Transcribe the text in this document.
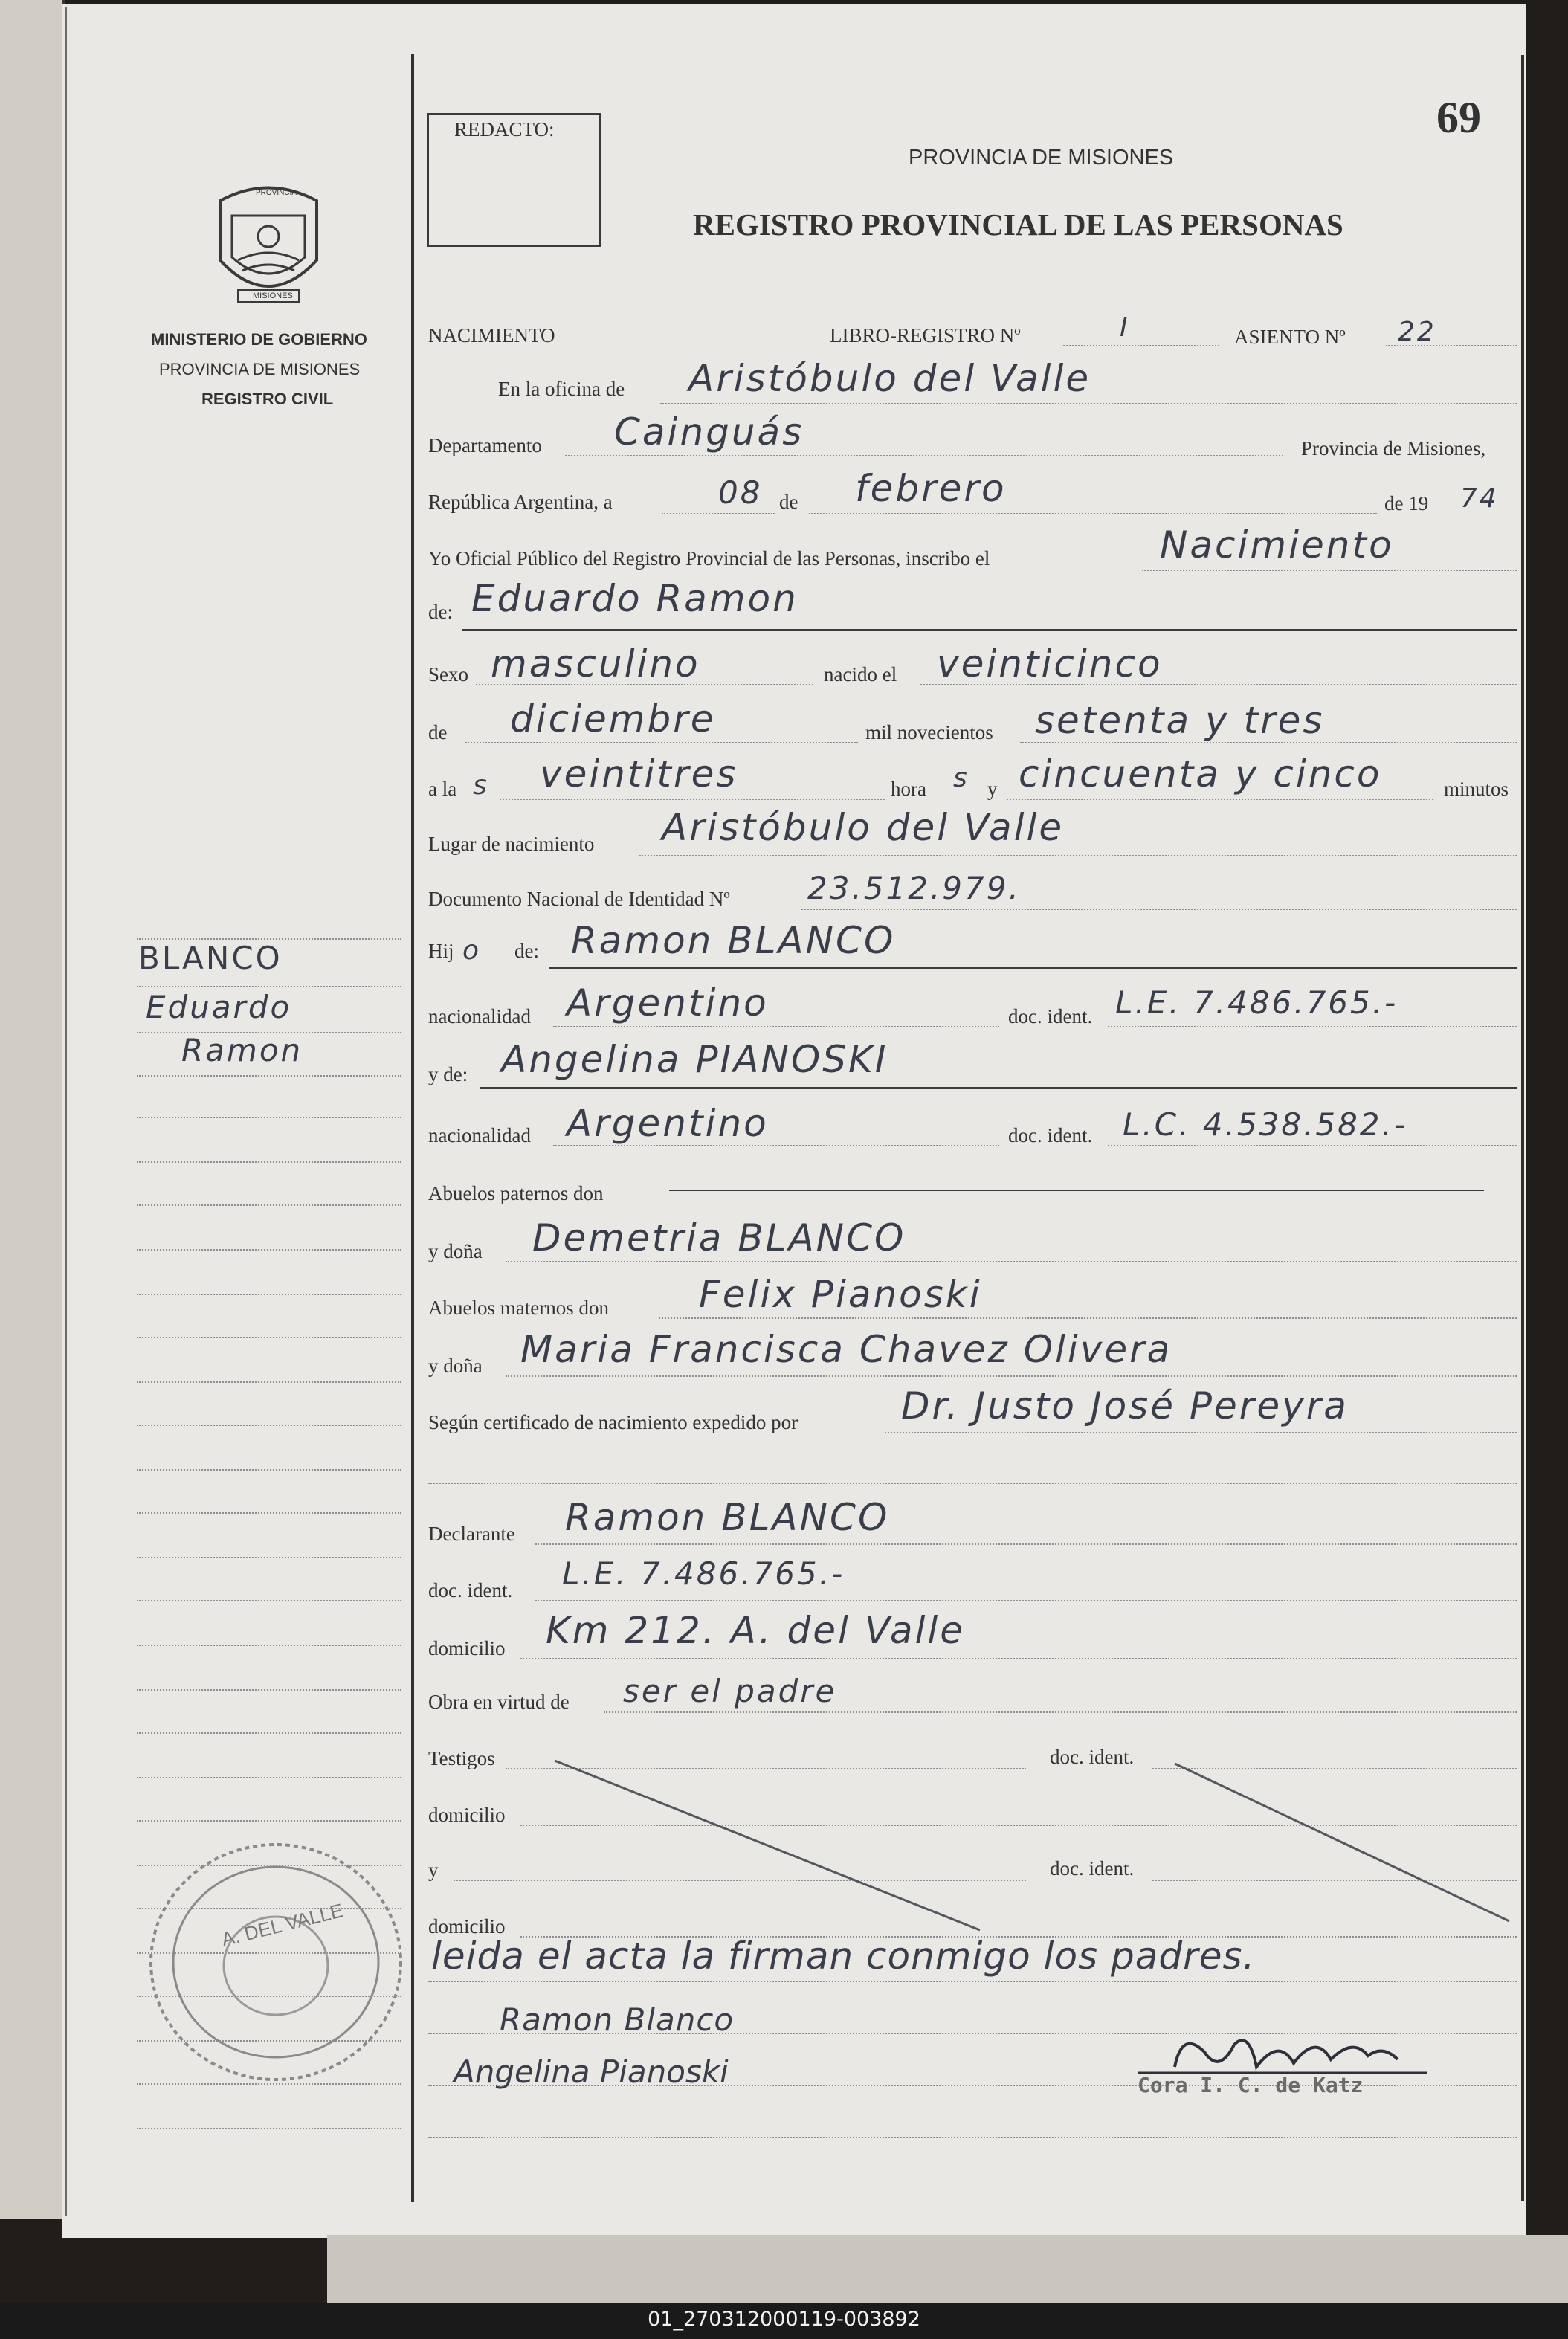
REDACTO:	69
PROVINCIA DE MISIONES
REGISTRO PROVINCIAL DE LAS PERSONAS
PROVINCIA
MISIONES
MINISTERIO DE GOBIERNO
PROVINCIA DE MISIONES
REGISTRO CIVIL
BLANCO
Eduardo
Ramon
A. DEL VALLE
NACIMIENTO	LIBRO-REGISTRO Nº	I	ASIENTO Nº 22
En la oficina de Aristóbulo del Valle
Departamento Cainguás	Provincia de Misiones,
República Argentina, a	08 de febrero	de 19 74
Yo Oficial Público del Registro Provincial de las Personas, inscribo el	Nacimiento
de: Eduardo Ramon
Sexo masculino	nacido el veinticinco
de diciembre	mil novecientos setenta y tres
a la s veintitres	hora s y cincuenta y cinco	minutos
Lugar de nacimiento Aristóbulo del Valle
Documento Nacional de Identidad Nº 23.512.979.
Hij o de: Ramon BLANCO
nacionalidad Argentino	doc. ident. L.E. 7.486.765.-
y de: Angelina PIANOSKI
nacionalidad Argentino	doc. ident. L.C. 4.538.582.-
Abuelos paternos don
y doña Demetria BLANCO
Abuelos maternos don Felix Pianoski
y doña Maria Francisca Chavez Olivera
Según certificado de nacimiento expedido por	Dr. Justo José Pereyra
Declarante Ramon BLANCO
doc. ident. L.E. 7.486.765.-
domicilio Km 212. A. del Valle
Obra en virtud de ser el padre
Testigos	doc. ident.
domicilio
y	doc. ident.
domicilio
leida el acta la firman conmigo los padres.
Ramon Blanco
Angelina Pianoski	Cora I. C. de Katz
01_270312000119-003892
